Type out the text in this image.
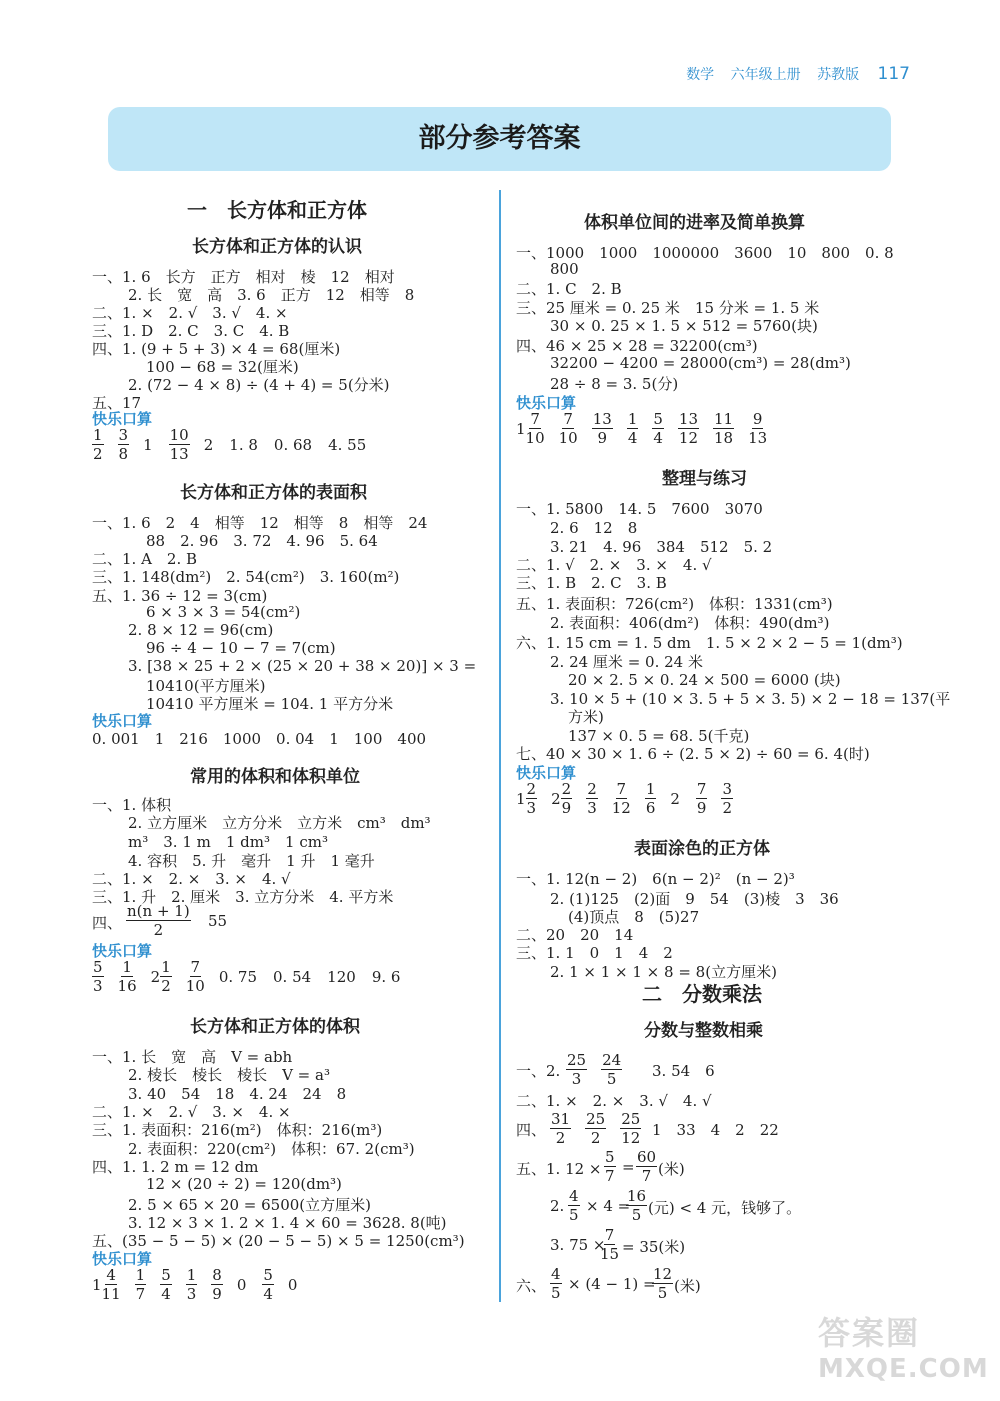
数学 六年级上册 苏教版 117
部分参考答案
一　长方体和正方体
长方体和正方体的认识
一、1. 6　长方　正方　相对　棱　12　相对
2. 长　宽　高　3. 6　正方　12　相等　8
二、1. ×　2. √　3. √　4. ×
三、1. D　2. C　3. C　4. B
四、1. (9 + 5 + 3) × 4 = 68(厘米)
100 − 68 = 32(厘米)
2. (72 − 4 × 8) ÷ (4 + 4) = 5(分米)
五、17
快乐口算
$\frac{1}{2} \frac{3}{8} 1 \frac{10}{13} 2$ 1. 8 0. 68 4. 55
长方体和正方体的表面积
一、1. 6　2　4　相等　12　相等　8　相等　24
88　2. 96　3. 72　4. 96　5. 64
二、1. A　2. B
三、1. 148(dm²)　2. 54(cm²)　3. 160(m²)
五、1. 36 ÷ 12 = 3(cm)
6 × 3 × 3 = 54(cm²)
2. 8 × 12 = 96(cm)
96 ÷ 4 − 10 − 7 = 7(cm)
3. [38 × 25 + 2 × (25 × 20 + 38 × 20)] × 3 =
10410(平方厘米)
10410 平方厘米 = 104. 1 平方分米
快乐口算
0. 001　1　216　1000　0. 04　1　100　400
常用的体积和体积单位
一、1. 体积
2. 立方厘米　立方分米　立方米　cm³　dm³
m³　3. 1 m　1 dm³　1 cm³
4. 容积　5. 升　毫升　1 升　1 毫升
二、1. ×　2. ×　3. ×　4. √
三、1. 升　2. 厘米　3. 立方分米　4. 平方米
四、 $\frac{n(n + 1)}{2} 55$
快乐口算
$\frac{5}{3} \frac{1}{16} 2 \frac{1}{2} \frac{7}{10} 0$. 75 0. 54 120 9. 6
长方体和正方体的体积
一、1. 长　宽　高　V = abh
2. 棱长　棱长　棱长　V = a³
3. 40　54　18　4. 24　24　8
二、1. ×　2. √　3. ×　4. ×
三、1. 表面积：216(m²)　体积：216(m³)
2. 表面积：220(cm²)　体积：67. 2(cm³)
四、1. 1. 2 m = 12 dm
12 × (20 ÷ 2) = 120(dm³)
2. 5 × 65 × 20 = 6500(立方厘米)
3. 12 × 3 × 1. 2 × 1. 4 × 60 = 3628. 8(吨)
五、(35 − 5 − 5) × (20 − 5 − 5) × 5 = 1250(cm³)
快乐口算
$1 \frac{4}{11} \frac{1}{7} \frac{5}{4} \frac{1}{3} \frac{8}{9} 0 \frac{5}{4} 0$
体积单位间的进率及简单换算
一、1000　1000　1000000　3600　10　800　0. 8
800
二、1. C　2. B
三、25 厘米 = 0. 25 米　15 分米 = 1. 5 米
30 × 0. 25 × 1. 5 × 512 = 5760(块)
四、46 × 25 × 28 = 32200(cm³)
32200 − 4200 = 28000(cm³) = 28(dm³)
28 ÷ 8 = 3. 5(分)
快乐口算
$1 \frac{7}{10} \frac{7}{10} \frac{13}{9} \frac{1}{4} \frac{5}{4} \frac{13}{12} \frac{11}{18} \frac{9}{13}$
整理与练习
一、1. 5800　14. 5　7600　3070
2. 6　12　8
3. 21　4. 96　384　512　5. 2
二、1. √　2. ×　3. ×　4. √
三、1. B　2. C　3. B
五、1. 表面积：726(cm²)　体积：1331(cm³)
2. 表面积：406(dm²)　体积：490(dm³)
六、1. 15 cm = 1. 5 dm　1. 5 × 2 × 2 − 5 = 1(dm³)
2. 24 厘米 = 0. 24 米
20 × 2. 5 × 0. 24 × 500 = 6000 (块)
3. 10 × 5 + (10 × 3. 5 + 5 × 3. 5) × 2 − 18 = 137(平
方米)
137 × 0. 5 = 68. 5(千克)
七、40 × 30 × 1. 6 ÷ (2. 5 × 2) ÷ 60 = 6. 4(时)
快乐口算
$1 \frac{2}{3} 2 \frac{2}{9} \frac{2}{3} \frac{7}{12} \frac{1}{6} 2 \frac{7}{9} \frac{3}{2}$
表面涂色的正方体
一、1. 12(n − 2)　6(n − 2)²　(n − 2)³
2. (1)125　(2)面　9　54　(3)棱　3　36
(4)顶点　8　(5)27
二、20　20　14
三、1. 1　0　1　4　2
2. 1 × 1 × 1 × 8 = 8(立方厘米)
二　分数乘法
分数与整数相乘
一、2. $\frac{25}{3} \frac{24}{5} 3$. 54　6
二、1. ×　2. ×　3. √　4. √
四、 $\frac{31}{2} \frac{25}{2} \frac{25}{12} 1$　33　4　2　22
五、1. $12 \times \frac{5}{7} = \frac{60}{7}$ (米)
2. $\frac{4}{5} \times 4$ =
$\frac{16}{5}$ (元) < 4 元，钱够了。
3. 75 ×
$\frac{7}{15} = 35$(米)
六、 $\frac{4}{5} \times (4 - 1)$ =
$\frac{12}{5}$ (米)
答案圈
MXQE.COM
